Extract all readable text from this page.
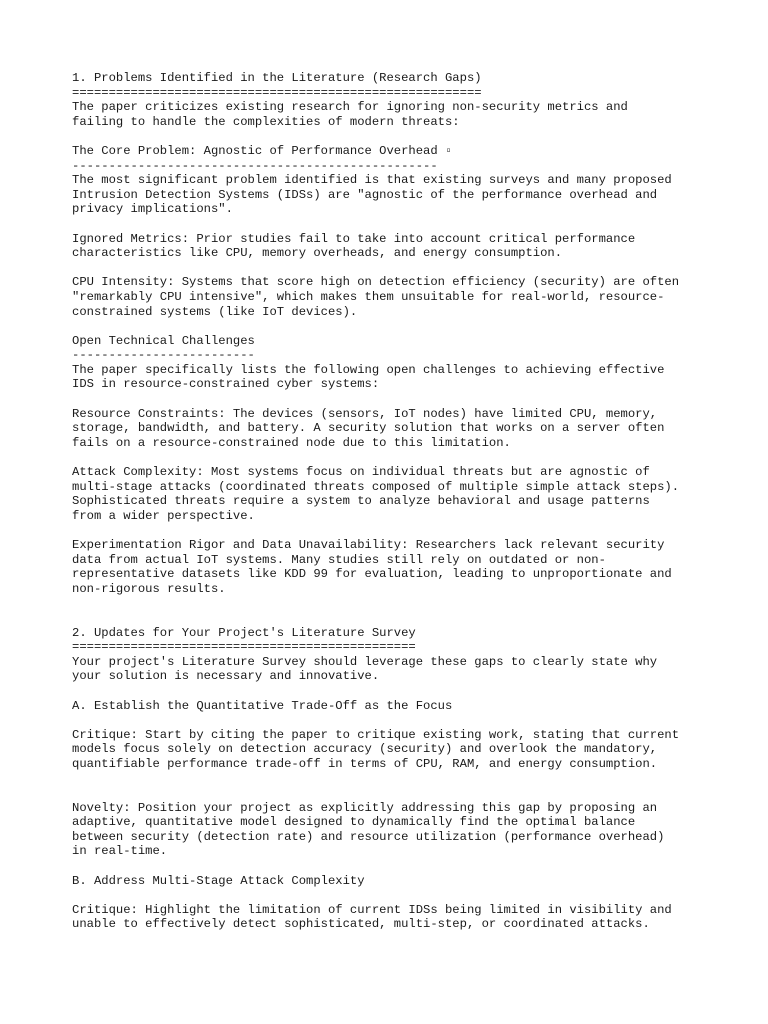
1. Problems Identified in the Literature (Research Gaps)
========================================================
The paper criticizes existing research for ignoring non-security metrics and
failing to handle the complexities of modern threats:
The Core Problem: Agnostic of Performance Overhead ▫
--------------------------------------------------
The most significant problem identified is that existing surveys and many proposed
Intrusion Detection Systems (IDSs) are "agnostic of the performance overhead and
privacy implications".
Ignored Metrics: Prior studies fail to take into account critical performance
characteristics like CPU, memory overheads, and energy consumption.
CPU Intensity: Systems that score high on detection efficiency (security) are often
"remarkably CPU intensive", which makes them unsuitable for real-world, resource-
constrained systems (like IoT devices).
Open Technical Challenges
-------------------------
The paper specifically lists the following open challenges to achieving effective
IDS in resource-constrained cyber systems:
Resource Constraints: The devices (sensors, IoT nodes) have limited CPU, memory,
storage, bandwidth, and battery. A security solution that works on a server often
fails on a resource-constrained node due to this limitation.
Attack Complexity: Most systems focus on individual threats but are agnostic of
multi-stage attacks (coordinated threats composed of multiple simple attack steps).
Sophisticated threats require a system to analyze behavioral and usage patterns
from a wider perspective.
Experimentation Rigor and Data Unavailability: Researchers lack relevant security
data from actual IoT systems. Many studies still rely on outdated or non-
representative datasets like KDD 99 for evaluation, leading to unproportionate and
non-rigorous results.
2. Updates for Your Project's Literature Survey
===============================================
Your project's Literature Survey should leverage these gaps to clearly state why
your solution is necessary and innovative.
A. Establish the Quantitative Trade-Off as the Focus
Critique: Start by citing the paper to critique existing work, stating that current
models focus solely on detection accuracy (security) and overlook the mandatory,
quantifiable performance trade-off in terms of CPU, RAM, and energy consumption.
Novelty: Position your project as explicitly addressing this gap by proposing an
adaptive, quantitative model designed to dynamically find the optimal balance
between security (detection rate) and resource utilization (performance overhead)
in real-time.
B. Address Multi-Stage Attack Complexity
Critique: Highlight the limitation of current IDSs being limited in visibility and
unable to effectively detect sophisticated, multi-step, or coordinated attacks.
